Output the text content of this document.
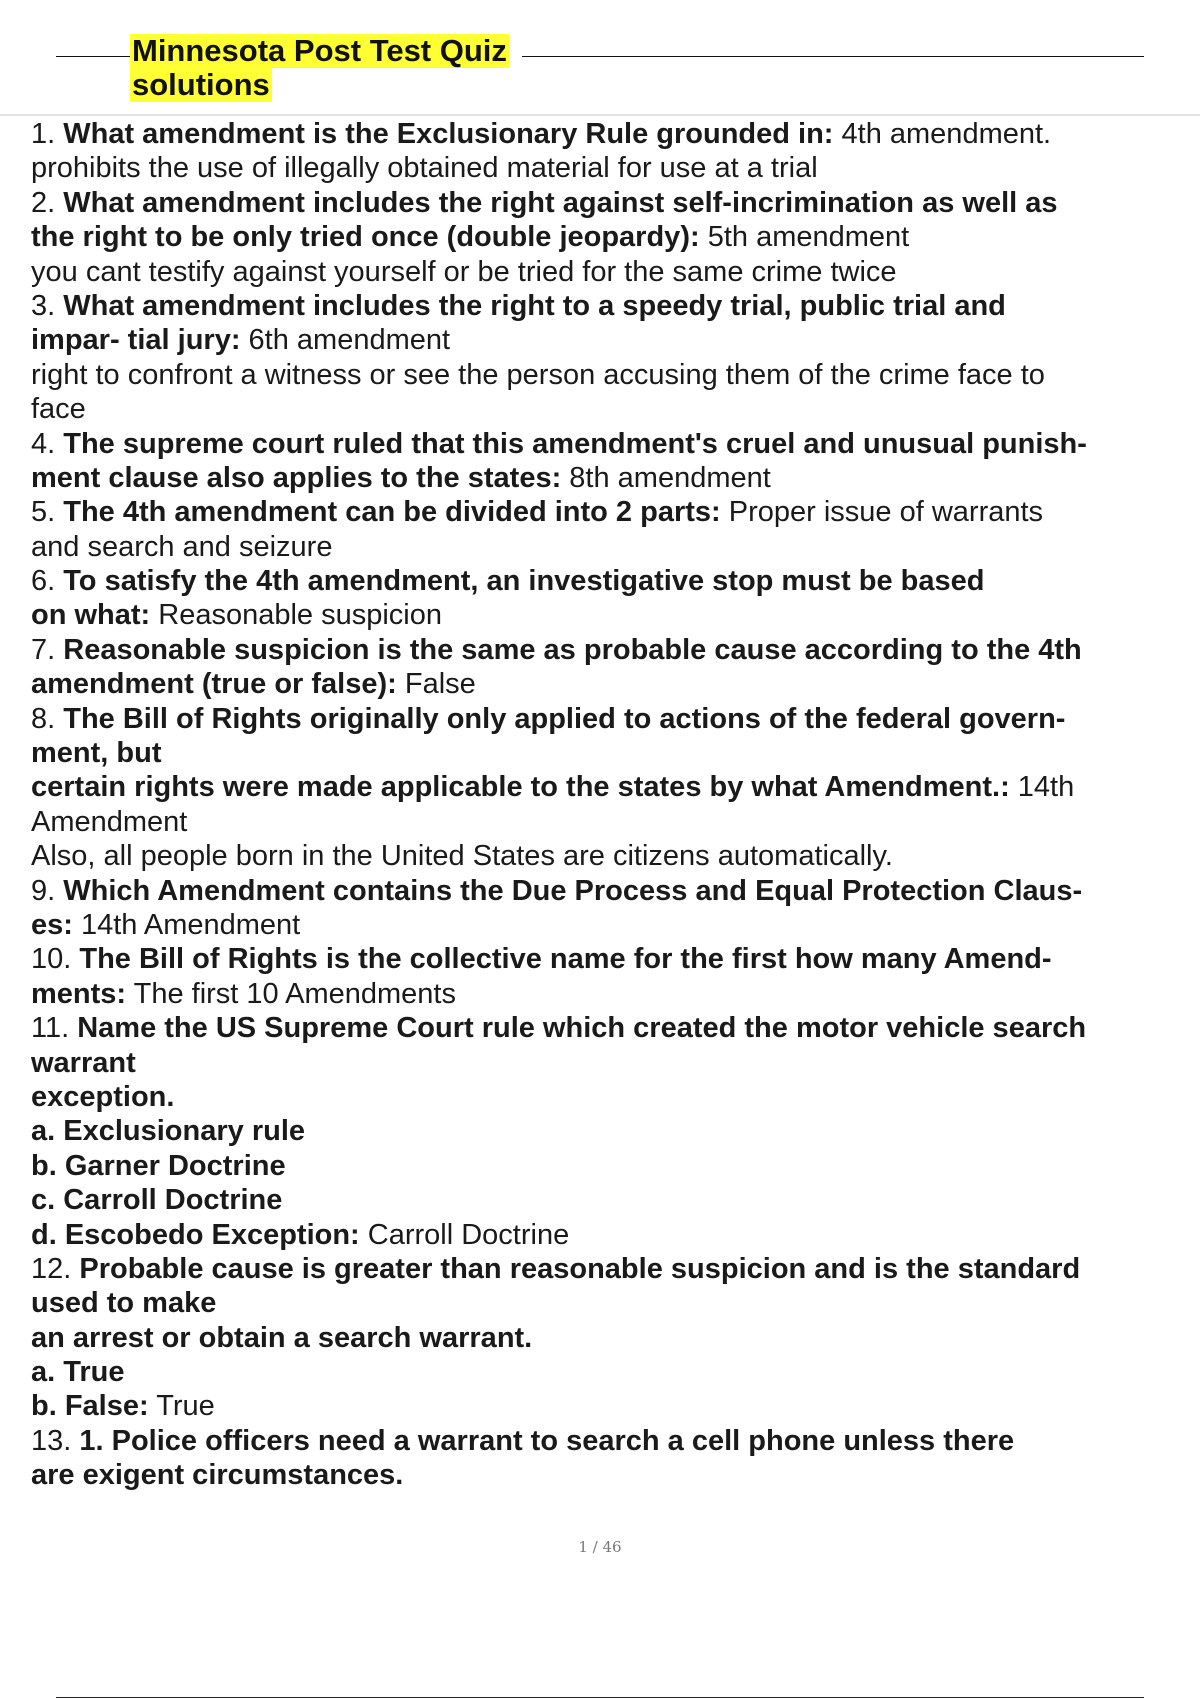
Minnesota Post Test Quiz
solutions
1. What amendment is the Exclusionary Rule grounded in: 4th amendment.
prohibits the use of illegally obtained material for use at a trial
2. What amendment includes the right against self-incrimination as well as
the right to be only tried once (double jeopardy): 5th amendment
you cant testify against yourself or be tried for the same crime twice
3. What amendment includes the right to a speedy trial, public trial and
impar- tial jury: 6th amendment
right to confront a witness or see the person accusing them of the crime face to
face
4. The supreme court ruled that this amendment's cruel and unusual punish-
ment clause also applies to the states: 8th amendment
5. The 4th amendment can be divided into 2 parts: Proper issue of warrants
and search and seizure
6. To satisfy the 4th amendment, an investigative stop must be based
on what: Reasonable suspicion
7. Reasonable suspicion is the same as probable cause according to the 4th
amendment (true or false): False
8. The Bill of Rights originally only applied to actions of the federal govern-
ment, but
certain rights were made applicable to the states by what Amendment.: 14th
Amendment
Also, all people born in the United States are citizens automatically.
9. Which Amendment contains the Due Process and Equal Protection Claus-
es: 14th Amendment
10. The Bill of Rights is the collective name for the first how many Amend-
ments: The first 10 Amendments
11. Name the US Supreme Court rule which created the motor vehicle search
warrant
exception.
a. Exclusionary rule
b. Garner Doctrine
c. Carroll Doctrine
d. Escobedo Exception: Carroll Doctrine
12. Probable cause is greater than reasonable suspicion and is the standard
used to make
an arrest or obtain a search warrant.
a. True
b. False: True
13. 1. Police officers need a warrant to search a cell phone unless there
are exigent circumstances.
1 / 46
